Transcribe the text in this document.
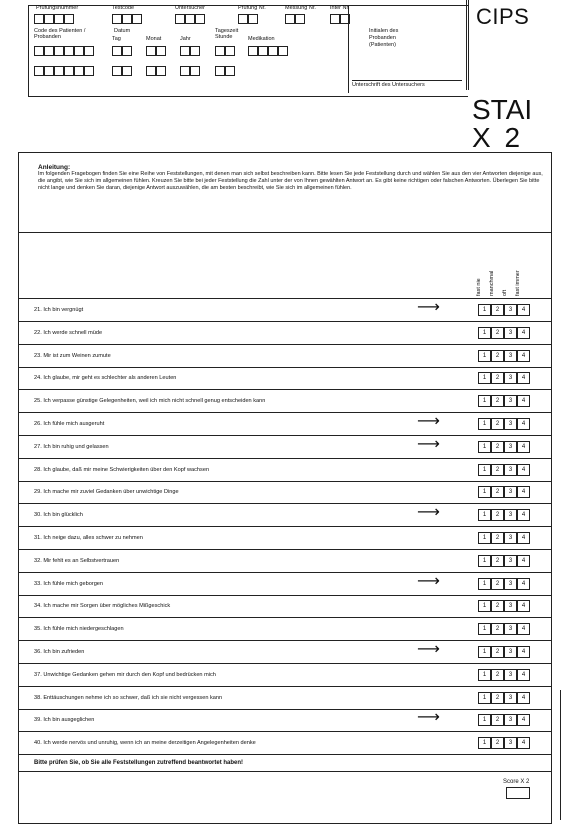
Prüfungsnummer	Testcode	Untersucher	Prüfung Nr.	Messung Nr.	Inter Nr.
Code des Patienten / Probanden
Datum
Tag	Monat	Jahr
Tageszeit Stunde	Medikation
Initialen des
Probanden
(Patienten)
Unterschrift des Untersuchers
CIPS
STAI
X 2
Anleitung:
Im folgenden Fragebogen finden Sie eine Reihe von Feststellungen, mit denen man sich selbst beschreiben kann. Bitte lesen Sie jede Feststellung durch und wählen Sie aus den vier Antworten diejenige aus, die angibt, wie Sie sich im allgemeinen fühlen. Kreuzen Sie bitte bei jeder Feststellung die Zahl unter der von Ihnen gewählten Antwort an. Es gibt keine richtigen oder falschen Antworten. Überlegen Sie bitte nicht lange und denken Sie daran, diejenige Antwort auszuwählen, die am besten beschreibt, wie Sie sich im allgemeinen fühlen.
fast nie manchmal oft fast immer
21. Ich bin vergnügt	⟶	1	2	3	4
22. Ich werde schnell müde	1	2	3	4
23. Mir ist zum Weinen zumute	1	2	3	4
24. Ich glaube, mir geht es schlechter als anderen Leuten	1	2	3	4
25. Ich verpasse günstige Gelegenheiten, weil ich mich nicht schnell genug entscheiden kann	1	2	3	4
26. Ich fühle mich ausgeruht	⟶	1	2	3	4
27. Ich bin ruhig und gelassen	⟶	1	2	3	4
28. Ich glaube, daß mir meine Schwierigkeiten über den Kopf wachsen	1	2	3	4
29. Ich mache mir zuviel Gedanken über unwichtige Dinge	1	2	3	4
30. Ich bin glücklich	⟶	1	2	3	4
31. Ich neige dazu, alles schwer zu nehmen	1	2	3	4
32. Mir fehlt es an Selbstvertrauen	1	2	3	4
33. Ich fühle mich geborgen	⟶	1	2	3	4
34. Ich mache mir Sorgen über mögliches Mißgeschick	1	2	3	4
35. Ich fühle mich niedergeschlagen	1	2	3	4
36. Ich bin zufrieden	⟶	1	2	3	4
37. Unwichtige Gedanken gehen mir durch den Kopf und bedrücken mich	1	2	3	4
38. Enttäuschungen nehme ich so schwer, daß ich sie nicht vergessen kann	1	2	3	4
39. Ich bin ausgeglichen	⟶	1	2	3	4
40. Ich werde nervös und unruhig, wenn ich an meine derzeitigen Angelegenheiten denke	1	2	3	4
Bitte prüfen Sie, ob Sie alle Feststellungen zutreffend beantwortet haben!
Score X 2
